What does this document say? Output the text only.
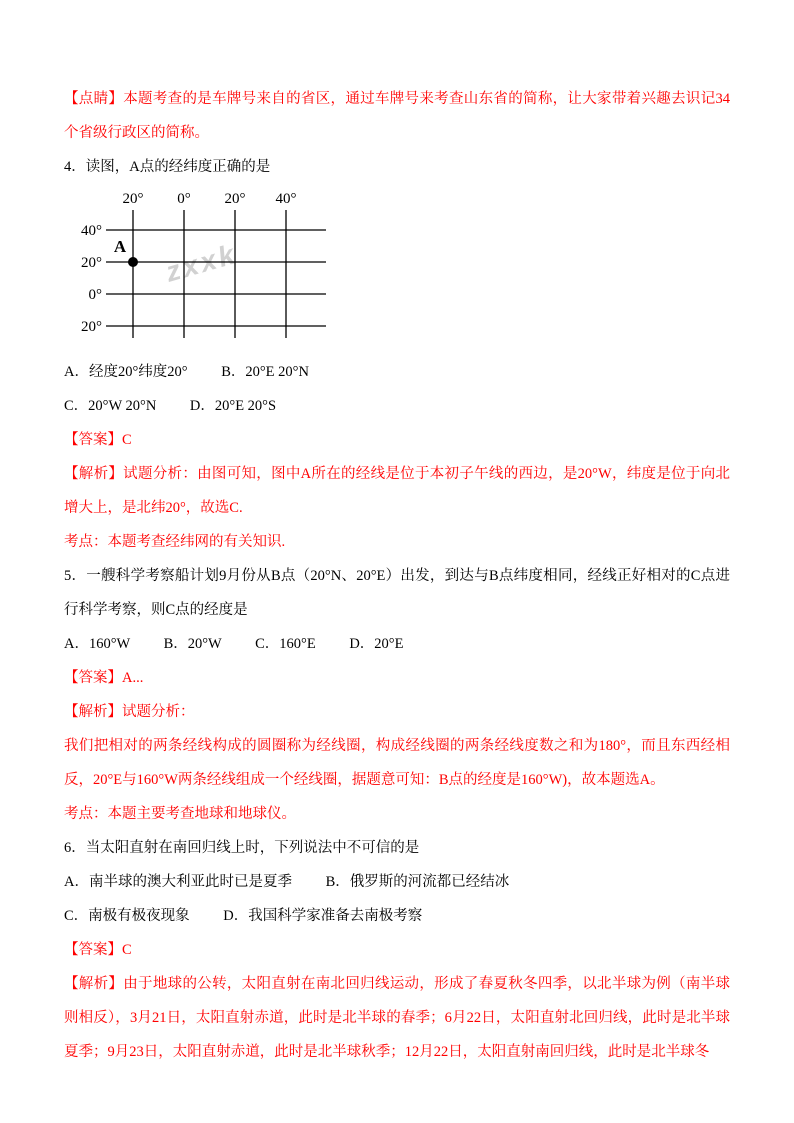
【点睛】本题考查的是车牌号来自的省区，通过车牌号来考查山东省的简称，让大家带着兴趣去识记34个省级行政区的简称。

4．读图，A点的经纬度正确的是

zxxk
20° 0° 20° 40°
40°
20°
0°
20°
A

A．经度20°纬度20° B．20°E 20°N

C．20°W 20°N D．20°E 20°S

【答案】C

【解析】试题分析：由图可知，图中A所在的经线是位于本初子午线的西边，是20°W，纬度是位于向北增大上，是北纬20°，故选C.

考点：本题考查经纬网的有关知识.

5．一艘科学考察船计划9月份从B点（20°N、20°E）出发，到达与B点纬度相同，经线正好相对的C点进行科学考察，则C点的经度是

A．160°W B．20°W C．160°E D．20°E

【答案】A...

【解析】试题分析：

我们把相对的两条经线构成的圆圈称为经线圈，构成经线圈的两条经线度数之和为180°，而且东西经相反，20°E与160°W两条经线组成一个经线圈，据题意可知：B点的经度是160°W)，故本题选A。

考点：本题主要考查地球和地球仪。

6．当太阳直射在南回归线上时，下列说法中不可信的是

A．南半球的澳大利亚此时已是夏季 B．俄罗斯的河流都已经结冰

C．南极有极夜现象 D．我国科学家准备去南极考察

【答案】C

【解析】由于地球的公转，太阳直射在南北回归线运动，形成了春夏秋冬四季，以北半球为例（南半球则相反），3月21日，太阳直射赤道，此时是北半球的春季；6月22日，太阳直射北回归线，此时是北半球夏季；9月23日，太阳直射赤道，此时是北半球秋季；12月22日，太阳直射南回归线，此时是北半球冬
